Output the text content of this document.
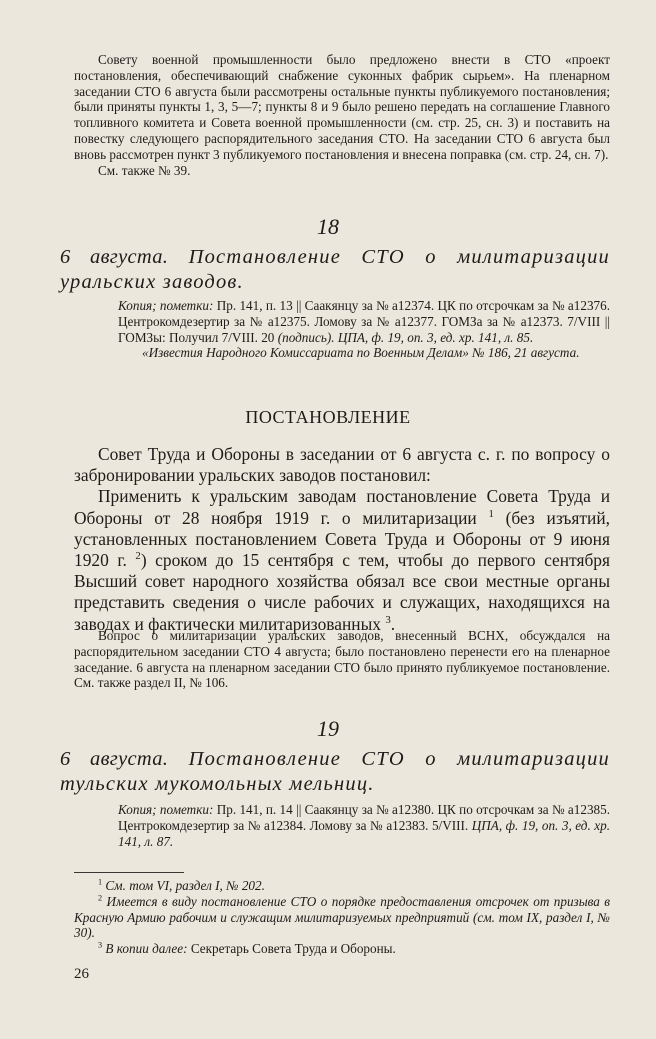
Совету военной промышленности было предложено внести в СТО «проект постановления, обеспечивающий снабжение суконных фабрик сырьем». На пленарном заседании СТО 6 августа были рассмотрены остальные пункты публикуемого постановления; были приняты пункты 1, 3, 5—7; пункты 8 и 9 было решено передать на соглашение Главного топливного комитета и Совета военной промышленности (см. стр. 25, сн. 3) и поставить на повестку следующего распорядительного заседания СТО. На заседании СТО 6 августа был вновь рассмотрен пункт 3 публикуемого постановления и внесена поправка (см. стр. 24, сн. 7).

См. также № 39.

18
6 августа. Постановление СТО о милитаризации уральских заводов.

Копия; пометки: Пр. 141, п. 13 || Саакянцу за № а12374. ЦК по отсрочкам за № а12376. Центрокомдезертир за № а12375. Ломову за № а12377. ГОМЗа за № а12373. 7/VIII || ГОМЗы: Получил 7/VIII. 20 (подпись). ЦПА, ф. 19, оп. 3, ед. хр. 141, л. 85.

«Известия Народного Комиссариата по Военным Делам» № 186, 21 августа.

ПОСТАНОВЛЕНИЕ

Совет Труда и Обороны в заседании от 6 августа с. г. по вопросу о забронировании уральских заводов постановил:

Применить к уральским заводам постановление Совета Труда и Обороны от 28 ноября 1919 г. о милитаризации $^1$ (без изъятий, установленных постановлением Совета Труда и Обороны от 9 июня 1920 г. $^2$) сроком до 15 сентября с тем, чтобы до первого сентября Высший совет народного хозяйства обязал все свои местные органы представить сведения о числе рабочих и служащих, находящихся на заводах и фактически милитаризованных $^3$.

Вопрос о милитаризации уральских заводов, внесенный ВСНХ, обсуждался на распорядительном заседании СТО 4 августа; было постановлено перенести его на пленарное заседание. 6 августа на пленарном заседании СТО было принято публикуемое постановление. См. также раздел II, № 106.

19
6 августа. Постановление СТО о милитаризации тульских мукомольных мельниц.

Копия; пометки: Пр. 141, п. 14 || Саакянцу за № а12380. ЦК по отсрочкам за № а12385. Центрокомдезертир за № а12384. Ломову за № а12383. 5/VIII. ЦПА, ф. 19, оп. 3, ед. хр. 141, л. 87.

$^1$ См. том VI, раздел I, № 202.

$^2$ Имеется в виду постановление СТО о порядке предоставления отсрочек от призыва в Красную Армию рабочим и служащим милитаризуемых предприятий (см. том IX, раздел I, № 30).

$^3$ В копии далее: Секретарь Совета Труда и Обороны.

26
